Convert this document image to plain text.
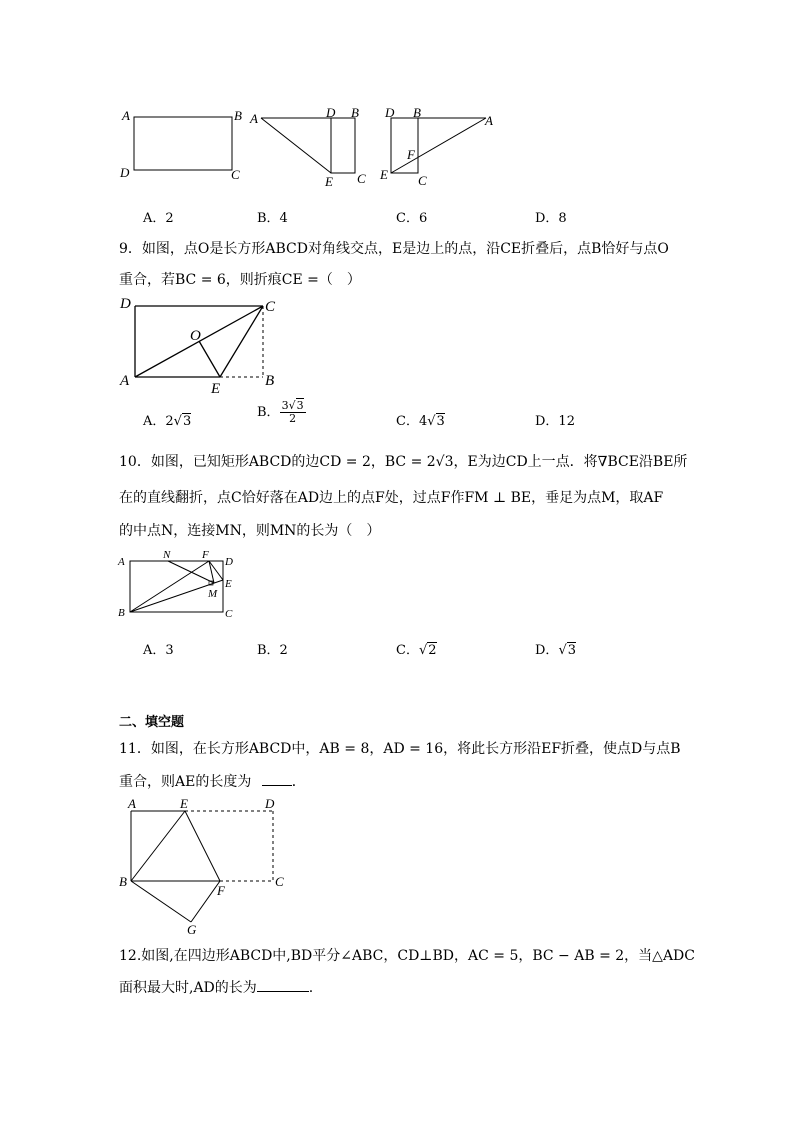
A	B
D	C
A	D B
E C
D B
A
F
E C
A．2	B．4	C．6	D．8
9．如图，点O是长方形ABCD对角线交点，E是边上的点，沿CE折叠后，点B恰好与点O
重合，若BC = 6，则折痕CE =（　）
D	C
O
A	E	B
A．2√3
B． $\frac{3√3}{2}$	C．4√3	D．12
10．如图，已知矩形ABCD的边CD = 2，BC = 2√3，E为边CD上一点．将∇BCE沿BE所
在的直线翻折，点C恰好落在AD边上的点F处，过点F作FM ⊥ BE，垂足为点M，取AF
的中点N，连接MN，则MN的长为（　）
A
N	F
D
E
M
B	C
A．3	B．2	C．√2	D．√3
二、填空题
11．如图，在长方形ABCD中，AB = 8，AD = 16，将此长方形沿EF折叠，使点D与点B
重合，则AE的长度为	．
A	E	D
B
F
C
G
12.如图,在四边形ABCD中,BD平分∠ABC，CD⊥BD，AC = 5，BC − AB = 2，当△ADC
面积最大时,AD的长为	.
